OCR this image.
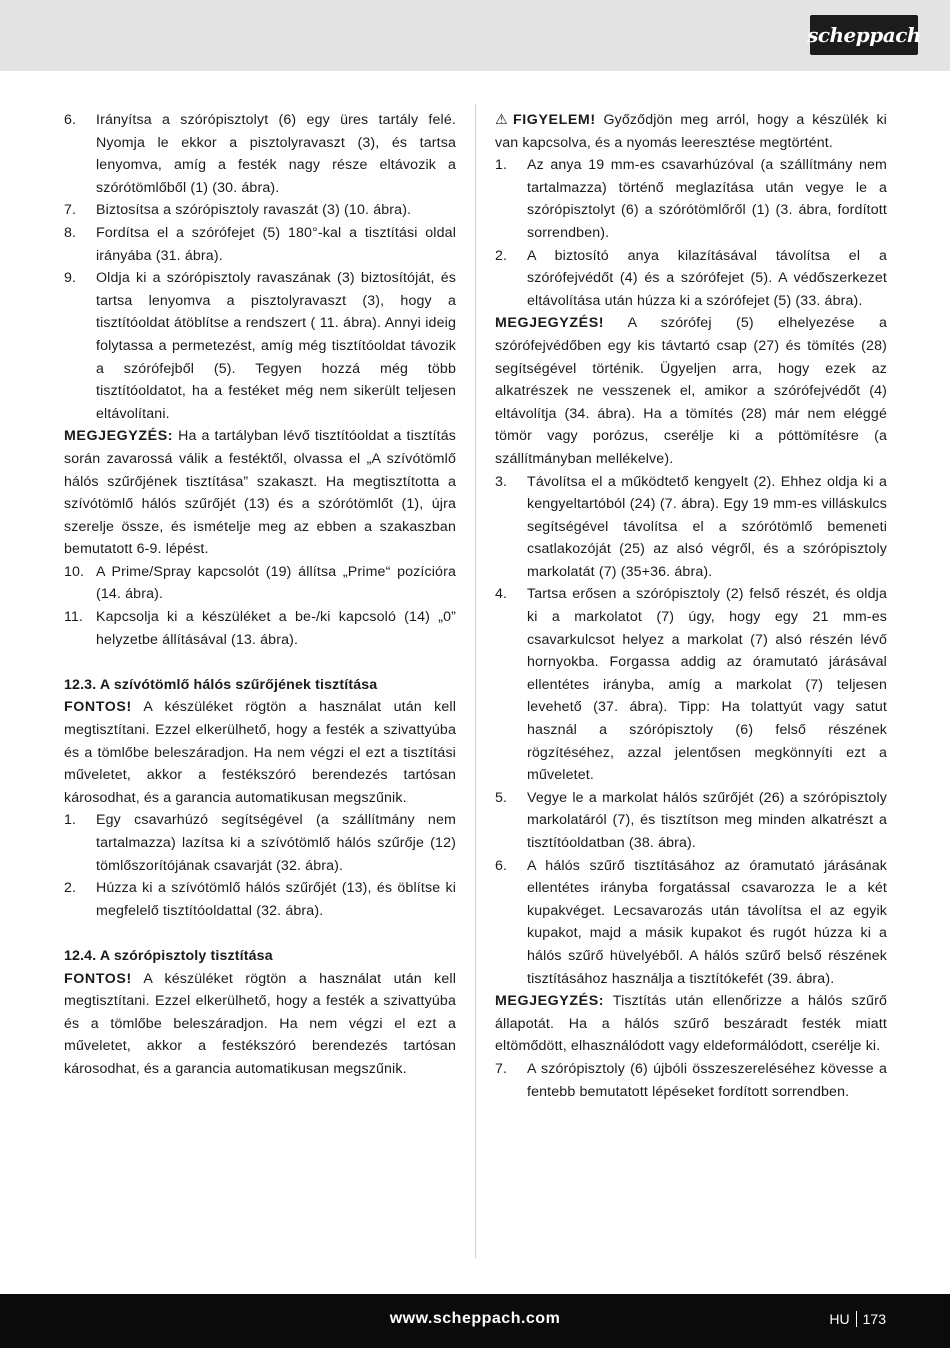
scheppach
6.	Irányítsa a szórópisztolyt (6) egy üres tartály felé. Nyomja le ekkor a pisztolyravaszt (3), és tartsa lenyomva, amíg a festék nagy része eltávozik a szórótömlőből (1) (30. ábra).
7.	Biztosítsa a szórópisztoly ravaszát (3) (10. ábra).
8.	Fordítsa el a szórófejet (5) 180°-kal a tisztítási oldal irányába (31. ábra).
9.	Oldja ki a szórópisztoly ravaszának (3) biztosítóját, és tartsa lenyomva a pisztolyravaszt (3), hogy a tisztítóoldat átöblítse a rendszert ( 11. ábra). Annyi ideig folytassa a permetezést, amíg még tisztítóoldat távozik a szórófejből (5). Tegyen hozzá még több tisztítóoldatot, ha a festéket még nem sikerült teljesen eltávolítani.

MEGJEGYZÉS: Ha a tartályban lévő tisztítóoldat a tisztítás során zavarossá válik a festéktől, olvassa el „A szívótömlő hálós szűrőjének tisztítása” szakaszt. Ha megtisztította a szívótömlő hálós szűrőjét (13) és a szórótömlőt (1), újra szerelje össze, és ismételje meg az ebben a szakaszban bemutatott 6-9. lépést.

10. A Prime/Spray kapcsolót (19) állítsa „Prime“ pozícióra (14. ábra).
11. Kapcsolja ki a készüléket a be-/ki kapcsoló (14) „0” helyzetbe állításával (13. ábra).
12.3. A szívótömlő hálós szűrőjének tisztítása

FONTOS! A készüléket rögtön a használat után kell megtisztítani. Ezzel elkerülhető, hogy a festék a szivattyúba és a tömlőbe beleszáradjon. Ha nem végzi el ezt a tisztítási műveletet, akkor a festékszóró berendezés tartósan károsodhat, és a garancia automatikusan megszűnik.

1.	Egy csavarhúzó segítségével (a szállítmány nem tartalmazza) lazítsa ki a szívótömlő hálós szűrője (12) tömlőszorítójának csavarját (32. ábra).
2.	Húzza ki a szívótömlő hálós szűrőjét (13), és öblítse ki megfelelő tisztítóoldattal (32. ábra).
12.4. A szórópisztoly tisztítása

FONTOS! A készüléket rögtön a használat után kell megtisztítani. Ezzel elkerülhető, hogy a festék a szivattyúba és a tömlőbe beleszáradjon. Ha nem végzi el ezt a műveletet, akkor a festékszóró berendezés tartósan károsodhat, és a garancia automatikusan megszűnik.

⚠ FIGYELEM! Győződjön meg arról, hogy a készülék ki van kapcsolva, és a nyomás leeresztése megtörtént.

1.	Az anya 19 mm-es csavarhúzóval (a szállítmány nem tartalmazza) történő meglazítása után vegye le a szórópisztolyt (6) a szórótömlőről (1) (3. ábra, fordított sorrendben).
2.	A biztosító anya kilazításával távolítsa el a szórófejvédőt (4) és a szórófejet (5). A védőszerkezet eltávolítása után húzza ki a szórófejet (5) (33. ábra).

MEGJEGYZÉS! A szórófej (5) elhelyezése a szórófejvédőben egy kis távtartó csap (27) és tömítés (28) segítségével történik. Ügyeljen arra, hogy ezek az alkatrészek ne vesszenek el, amikor a szórófejvédőt (4) eltávolítja (34. ábra). Ha a tömítés (28) már nem eléggé tömör vagy porózus, cserélje ki a póttömítésre (a szállítmányban mellékelve).

3.	Távolítsa el a működtető kengyelt (2). Ehhez oldja ki a kengyeltartóból (24) (7. ábra). Egy 19 mm-es villáskulcs segítségével távolítsa el a szórótömlő bemeneti csatlakozóját (25) az alsó végről, és a szórópisztoly markolatát (7) (35+36. ábra).
4.	Tartsa erősen a szórópisztoly (2) felső részét, és oldja ki a markolatot (7) úgy, hogy egy 21 mm-es csavarkulcsot helyez a markolat (7) alsó részén lévő hornyokba. Forgassa addig az óramutató járásával ellentétes irányba, amíg a markolat (7) teljesen levehető (37. ábra). Tipp: Ha tolattyút vagy satut használ a szórópisztoly (6) felső részének rögzítéséhez, azzal jelentősen megkönnyíti ezt a műveletet.
5.	Vegye le a markolat hálós szűrőjét (26) a szórópisztoly markolatáról (7), és tisztítson meg minden alkatrészt a tisztítóoldatban (38. ábra).
6.	A hálós szűrő tisztításához az óramutató járásának ellentétes irányba forgatással csavarozza le a két kupakvéget. Lecsavarozás után távolítsa el az egyik kupakot, majd a másik kupakot és rugót húzza ki a hálós szűrő hüvelyéből. A hálós szűrő belső részének tisztításához használja a tisztítókefét (39. ábra).

MEGJEGYZÉS: Tisztítás után ellenőrizze a hálós szűrő állapotát. Ha a hálós szűrő beszáradt festék miatt eltömődött, elhasználódott vagy eldeformálódott, cserélje ki.

7.	A szórópisztoly (6) újbóli összeszereléséhez kövesse a fentebb bemutatott lépéseket fordított sorrendben.
www.scheppach.com	HU 173
